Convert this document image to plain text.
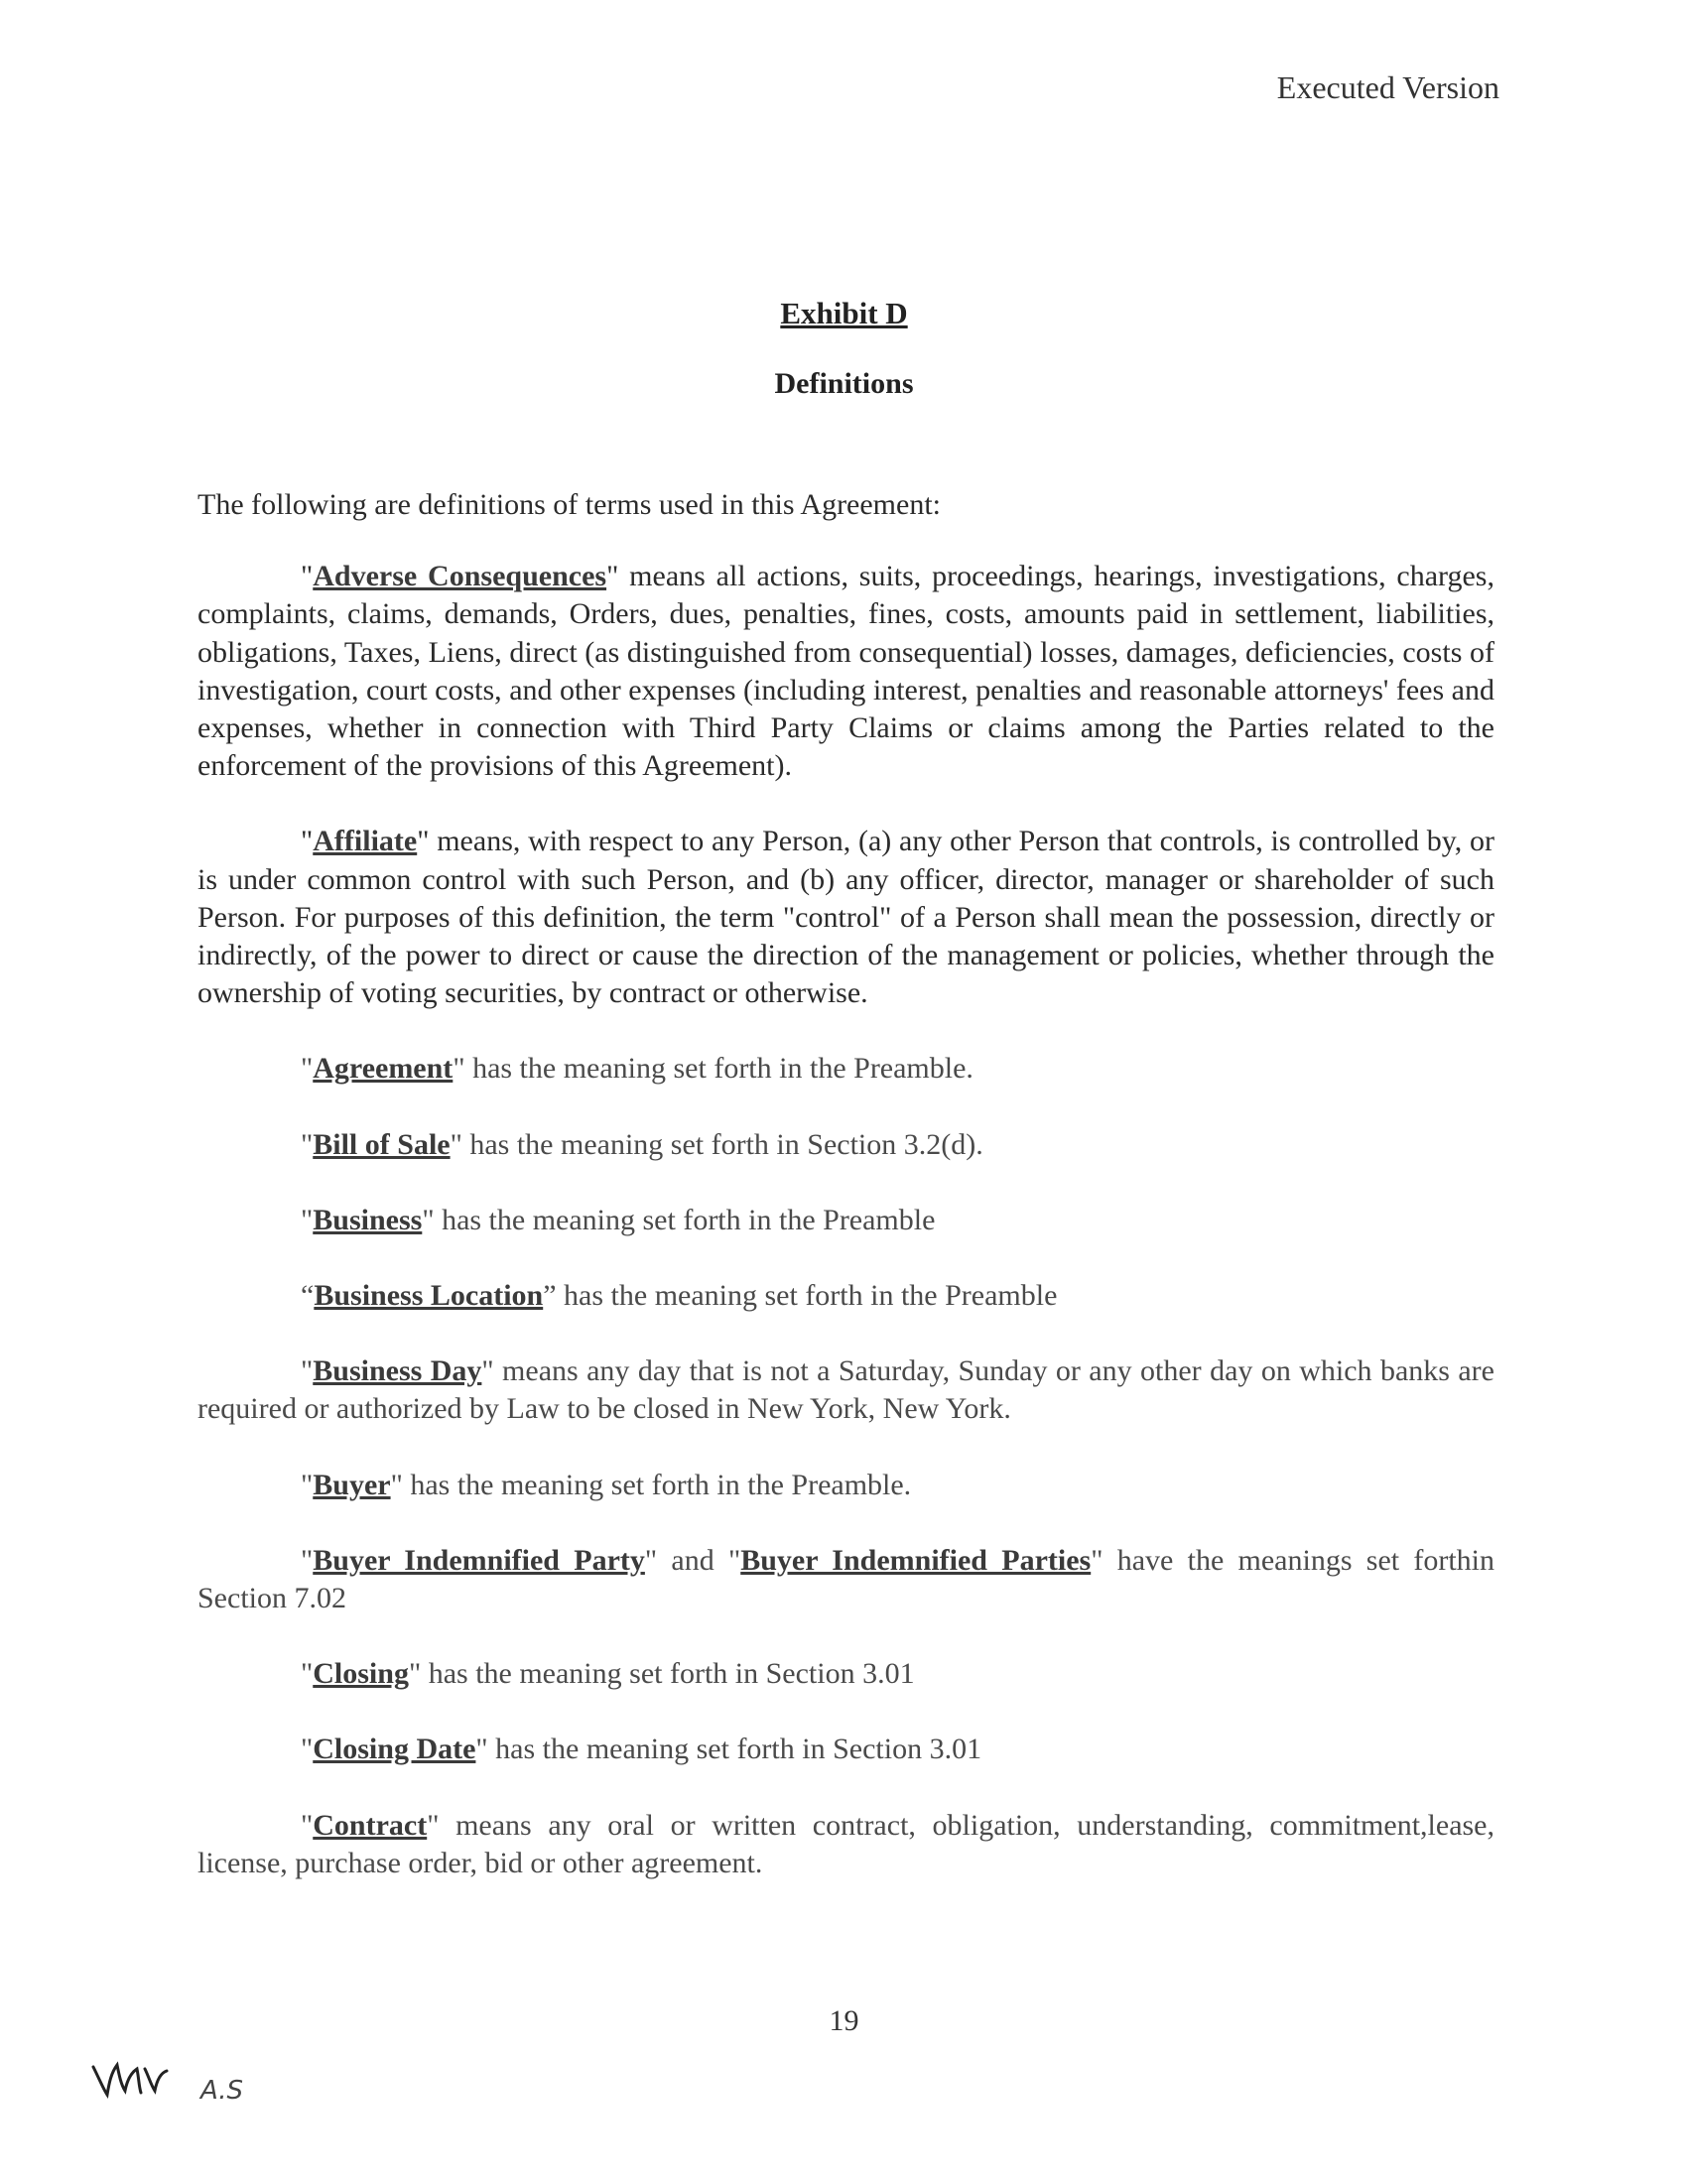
Executed Version
Exhibit D
Definitions

The following are definitions of terms used in this Agreement:

"Adverse Consequences" means all actions, suits, proceedings, hearings, investigations, charges, complaints, claims, demands, Orders, dues, penalties, fines, costs, amounts paid in settlement, liabilities, obligations, Taxes, Liens, direct (as distinguished from consequential) losses, damages, deficiencies, costs of investigation, court costs, and other expenses (including interest, penalties and reasonable attorneys' fees and expenses, whether in connection with Third Party Claims or claims among the Parties related to the enforcement of the provisions of this Agreement).

"Affiliate" means, with respect to any Person, (a) any other Person that controls, is controlled by, or is under common control with such Person, and (b) any officer, director, manager or shareholder of such Person. For purposes of this definition, the term "control" of a Person shall mean the possession, directly or indirectly, of the power to direct or cause the direction of the management or policies, whether through the ownership of voting securities, by contract or otherwise.

"Agreement" has the meaning set forth in the Preamble.

"Bill of Sale" has the meaning set forth in Section 3.2(d).

"Business" has the meaning set forth in the Preamble

“Business Location” has the meaning set forth in the Preamble

"Business Day" means any day that is not a Saturday, Sunday or any other day on which banks are required or authorized by Law to be closed in New York, New York.

"Buyer" has the meaning set forth in the Preamble.

"Buyer Indemnified Party" and "Buyer Indemnified Parties" have the meanings set forthin Section 7.02

"Closing" has the meaning set forth in Section 3.01

"Closing Date" has the meaning set forth in Section 3.01

"Contract" means any oral or written contract, obligation, understanding, commitment,lease, license, purchase order, bid or other agreement.

19
A.S
